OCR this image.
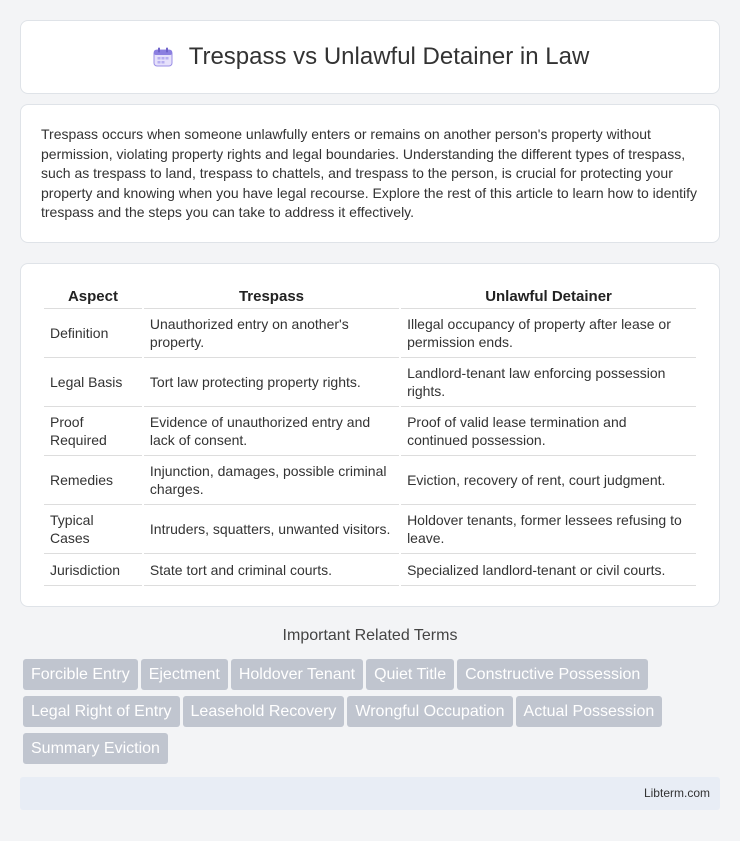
Trespass vs Unlawful Detainer in Law

Trespass occurs when someone unlawfully enters or remains on another person's property without permission, violating property rights and legal boundaries. Understanding the different types of trespass, such as trespass to land, trespass to chattels, and trespass to the person, is crucial for protecting your property and knowing when you have legal recourse. Explore the rest of this article to learn how to identify trespass and the steps you can take to address it effectively.

Aspect	Trespass	Unlawful Detainer
Definition	Unauthorized entry on another's property.	Illegal occupancy of property after lease or permission ends.
Legal Basis	Tort law protecting property rights.	Landlord-tenant law enforcing possession rights.
Proof Required	Evidence of unauthorized entry and lack of consent.	Proof of valid lease termination and continued possession.
Remedies	Injunction, damages, possible criminal charges.	Eviction, recovery of rent, court judgment.
Typical Cases	Intruders, squatters, unwanted visitors.	Holdover tenants, former lessees refusing to leave.
Jurisdiction	State tort and criminal courts.	Specialized landlord-tenant or civil courts.
Important Related Terms
Forcible Entry Ejectment Holdover Tenant Quiet Title Constructive PossessionLegal Right of Entry Leasehold Recovery Wrongful Occupation Actual PossessionSummary Eviction
Libterm.com
